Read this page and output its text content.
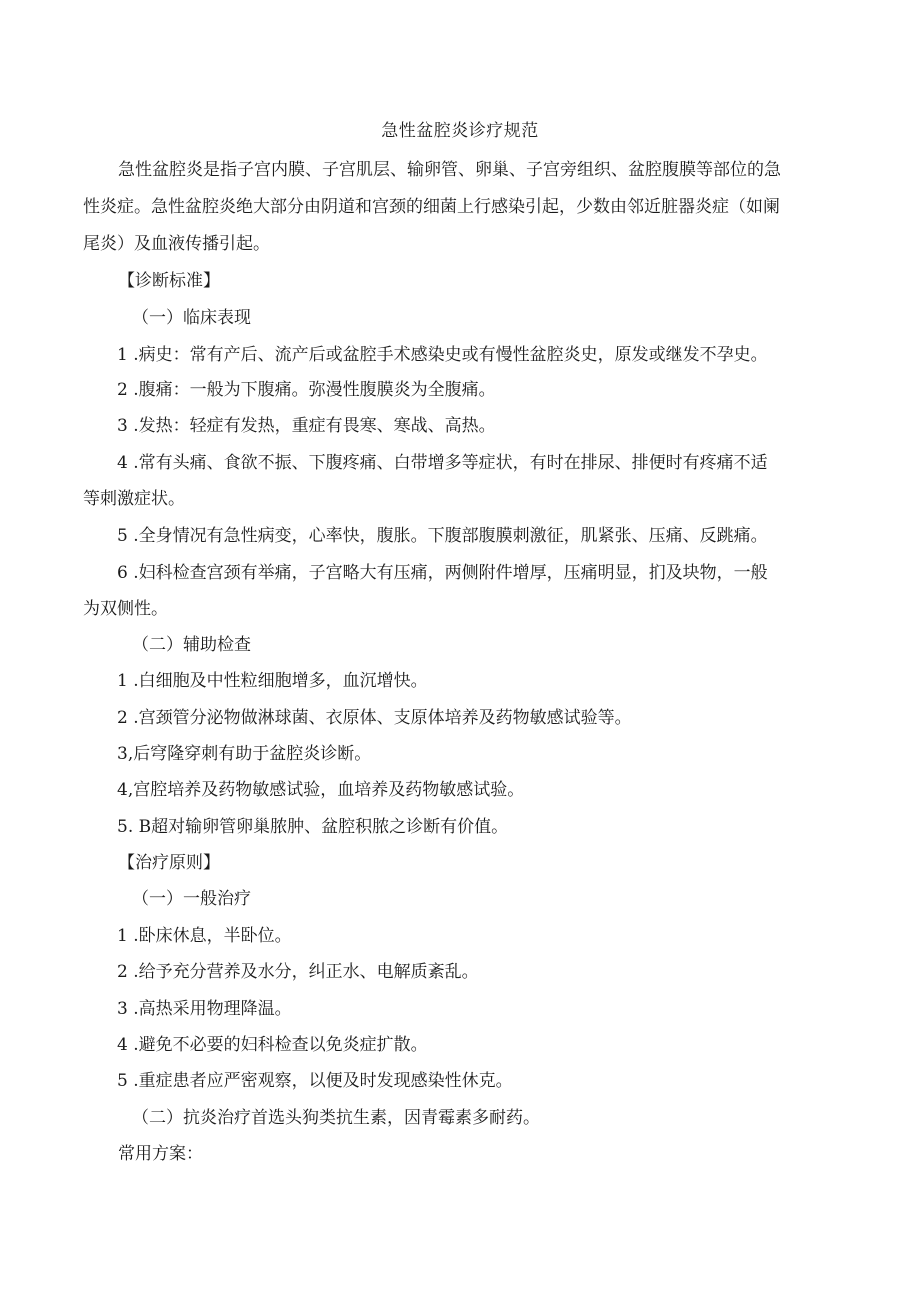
急性盆腔炎诊疗规范
急性盆腔炎是指子宫内膜、子宫肌层、输卵管、卵巢、子宫旁组织、盆腔腹膜等部位的急
性炎症。急性盆腔炎绝大部分由阴道和宫颈的细菌上行感染引起，少数由邻近脏器炎症（如阑
尾炎）及血液传播引起。
【诊断标准】
（一）临床表现
1 .病史：常有产后、流产后或盆腔手术感染史或有慢性盆腔炎史，原发或继发不孕史。
2 .腹痛：一般为下腹痛。弥漫性腹膜炎为全腹痛。
3 .发热：轻症有发热，重症有畏寒、寒战、高热。
4 .常有头痛、食欲不振、下腹疼痛、白带增多等症状，有时在排尿、排便时有疼痛不适
等刺激症状。
5 .全身情况有急性病变，心率快，腹胀。下腹部腹膜刺激征，肌紧张、压痛、反跳痛。
6 .妇科检查宫颈有举痛，子宫略大有压痛，两侧附件增厚，压痛明显，扪及块物，一般
为双侧性。
（二）辅助检查
1 .白细胞及中性粒细胞增多，血沉增快。
2 .宫颈管分泌物做淋球菌、衣原体、支原体培养及药物敏感试验等。
3,后穹隆穿刺有助于盆腔炎诊断。
4,宫腔培养及药物敏感试验，血培养及药物敏感试验。
5. B超对输卵管卵巢脓肿、盆腔积脓之诊断有价值。
【治疗原则】
（一）一般治疗
1 .卧床休息，半卧位。
2 .给予充分营养及水分，纠正水、电解质紊乱。
3 .高热采用物理降温。
4 .避免不必要的妇科检查以免炎症扩散。
5 .重症患者应严密观察，以便及时发现感染性休克。
（二）抗炎治疗首选头狗类抗生素，因青霉素多耐药。
常用方案：
